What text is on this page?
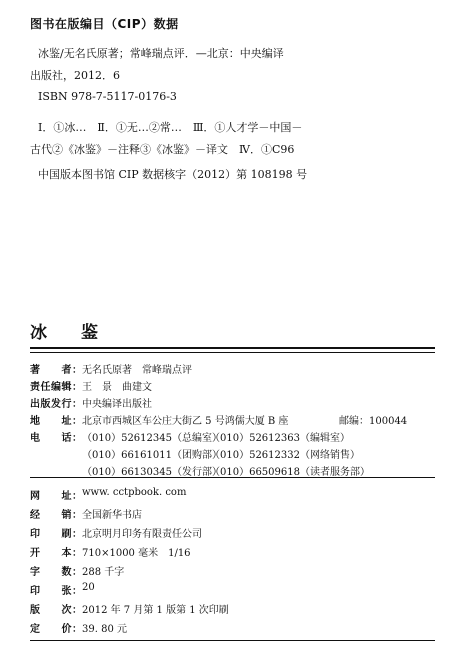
图书在版编目（CIP）数据
冰鉴/无名氏原著；常峰瑞点评．—北京：中央编译
出版社，2012．6
ISBN 978-7-5117-0176-3
Ⅰ．①冰…　Ⅱ．①无…②常…　Ⅲ．①人才学－中国－
古代②《冰鉴》－注释③《冰鉴》－译文　Ⅳ．①C96
中国版本图书馆 CIP 数据核字（2012）第 108198 号
冰鉴
著　　者： 无名氏原著　常峰瑞点评
责任编辑： 王　景　曲建文
出版发行： 中央编译出版社
地　　址： 北京市西城区车公庄大街乙 5 号鸿儒大厦 B 座	邮编：100044
电　　话： （010）52612345（总编室）
（010）52612363（编辑室）
（010）66161011（团购部）
（010）52612332（网络销售）
（010）66130345（发行部）
（010）66509618（读者服务部）
网　　址： www. cctpbook. com
经　　销： 全国新华书店
印　　刷： 北京明月印务有限责任公司
开　　本： 710×1000 毫米　1/16
字　　数： 288 千字
印　　张： 20
版　　次： 2012 年 7 月第 1 版第 1 次印刷
定　　价： 39. 80 元
